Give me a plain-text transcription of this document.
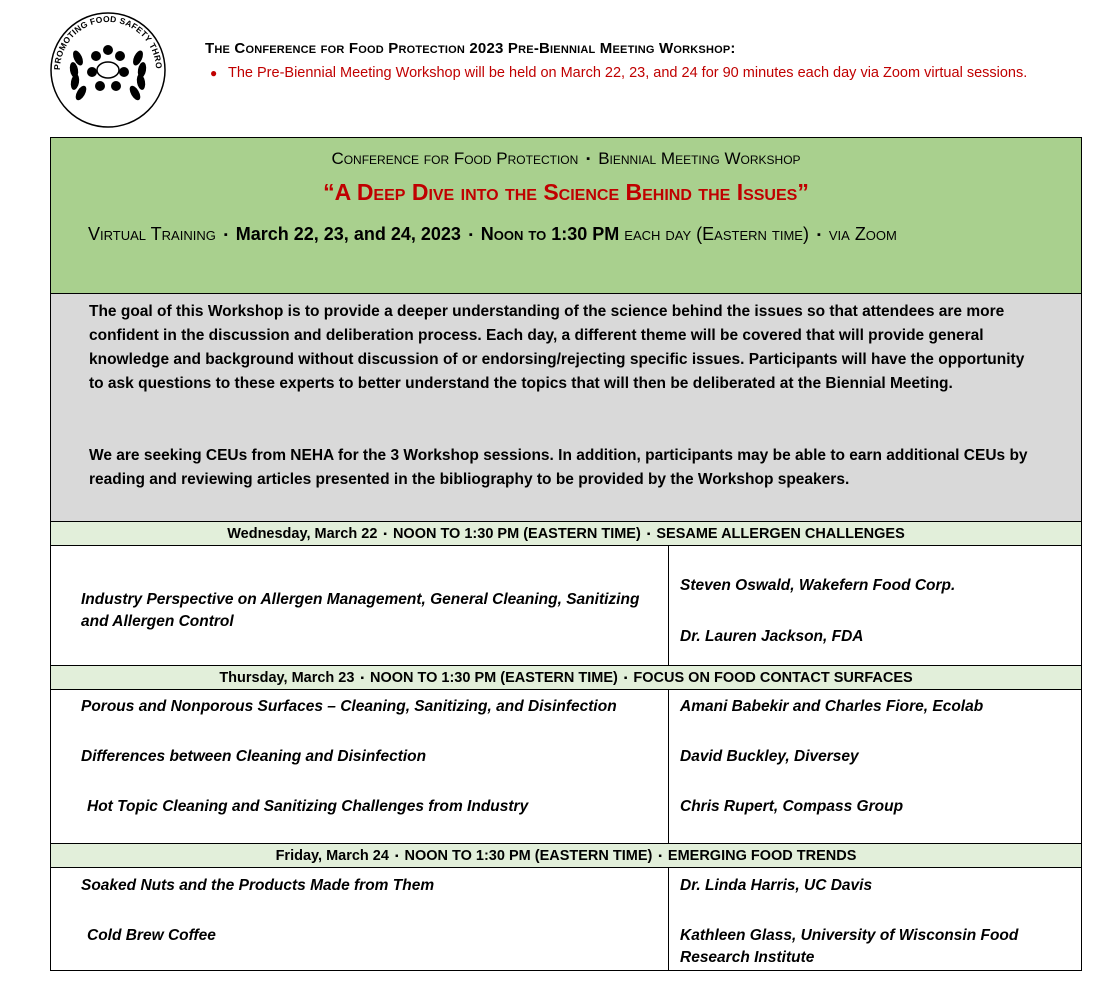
PROMOTING FOOD SAFETY THRO
The Conference for Food Protection 2023 Pre-Biennial Meeting Workshop:
● The Pre-Biennial Meeting Workshop will be held on March 22, 23, and 24 for 90 minutes each day via Zoom virtual sessions.
Conference for Food Protection ▪ Biennial Meeting Workshop
“A Deep Dive into the Science Behind the Issues”
Virtual Training ▪ March 22, 23, and 24, 2023 ▪ Noon to 1:30 PM each day (Eastern time) ▪ via Zoom

The goal of this Workshop is to provide a deeper understanding of the science behind the issues so that attendees are more confident in the discussion and deliberation process. Each day, a different theme will be covered that will provide general knowledge and background without discussion of or endorsing/rejecting specific issues. Participants will have the opportunity to ask questions to these experts to better understand the topics that will then be deliberated at the Biennial Meeting.

We are seeking CEUs from NEHA for the 3 Workshop sessions. In addition, participants may be able to earn additional CEUs by reading and reviewing articles presented in the bibliography to be provided by the Workshop speakers.

Wednesday, March 22 ▪ NOON TO 1:30 PM (EASTERN TIME) ▪ SESAME ALLERGEN CHALLENGES
Industry Perspective on Allergen Management, General Cleaning, Sanitizing and Allergen Control
Steven Oswald, Wakefern Food Corp.
Dr. Lauren Jackson, FDA
Thursday, March 23 ▪ NOON TO 1:30 PM (EASTERN TIME) ▪ FOCUS ON FOOD CONTACT SURFACES
Porous and Nonporous Surfaces – Cleaning, Sanitizing, and Disinfection
Differences between Cleaning and Disinfection
Hot Topic Cleaning and Sanitizing Challenges from Industry
Amani Babekir and Charles Fiore, Ecolab
David Buckley, Diversey
Chris Rupert, Compass Group
Friday, March 24 ▪ NOON TO 1:30 PM (EASTERN TIME) ▪ EMERGING FOOD TRENDS
Soaked Nuts and the Products Made from Them
Cold Brew Coffee
Dr. Linda Harris, UC Davis
Kathleen Glass, University of Wisconsin Food Research Institute
